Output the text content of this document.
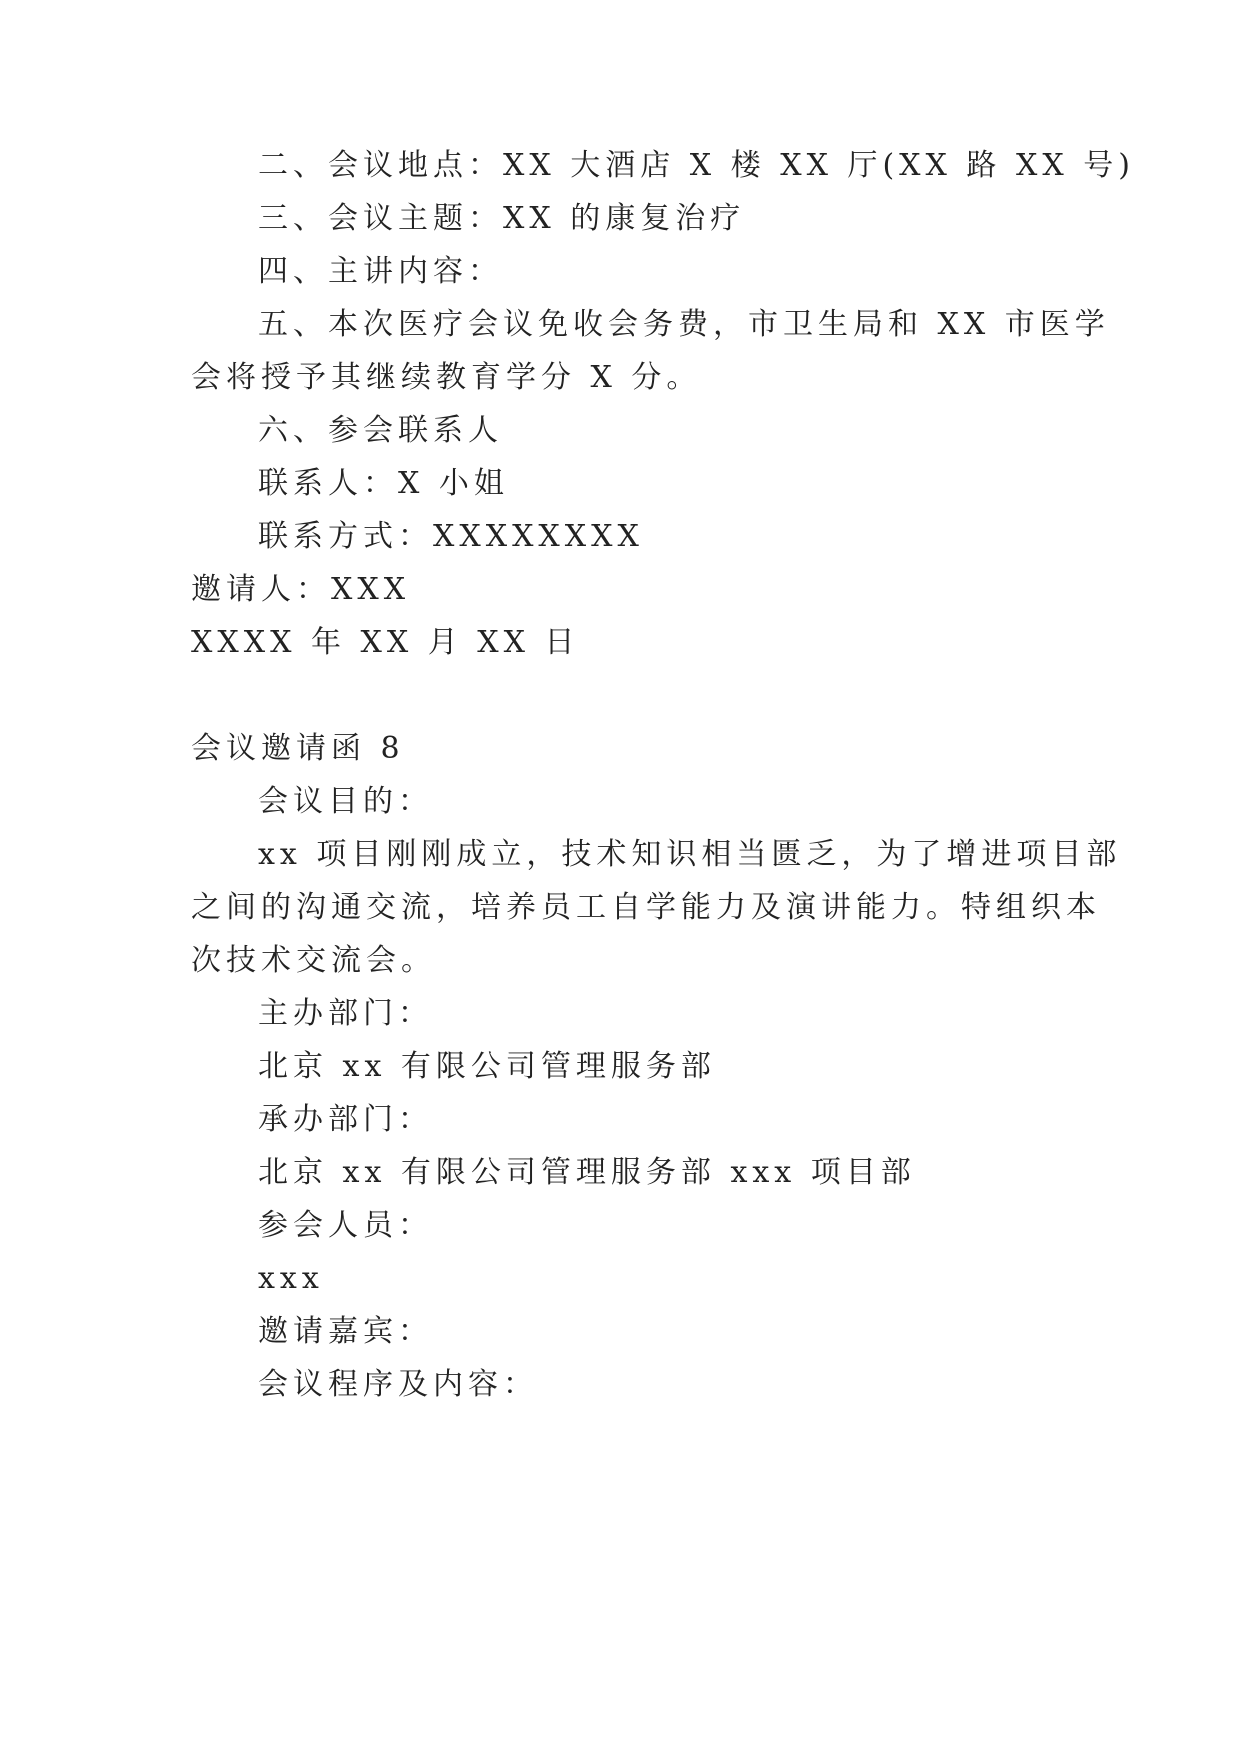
二、会议地点：XX 大酒店 X 楼 XX 厅(XX 路 XX 号)
三、会议主题：XX 的康复治疗
四、主讲内容：
五、本次医疗会议免收会务费，市卫生局和 XX 市医学
会将授予其继续教育学分 X 分。
六、参会联系人
联系人：X 小姐
联系方式：XXXXXXXX
邀请人：XXX
XXXX 年 XX 月 XX 日
会议邀请函 8
会议目的：
xx 项目刚刚成立，技术知识相当匮乏，为了增进项目部
之间的沟通交流，培养员工自学能力及演讲能力。特组织本
次技术交流会。
主办部门：
北京 xx 有限公司管理服务部
承办部门：
北京 xx 有限公司管理服务部 xxx 项目部
参会人员：
xxx
邀请嘉宾：
会议程序及内容：
